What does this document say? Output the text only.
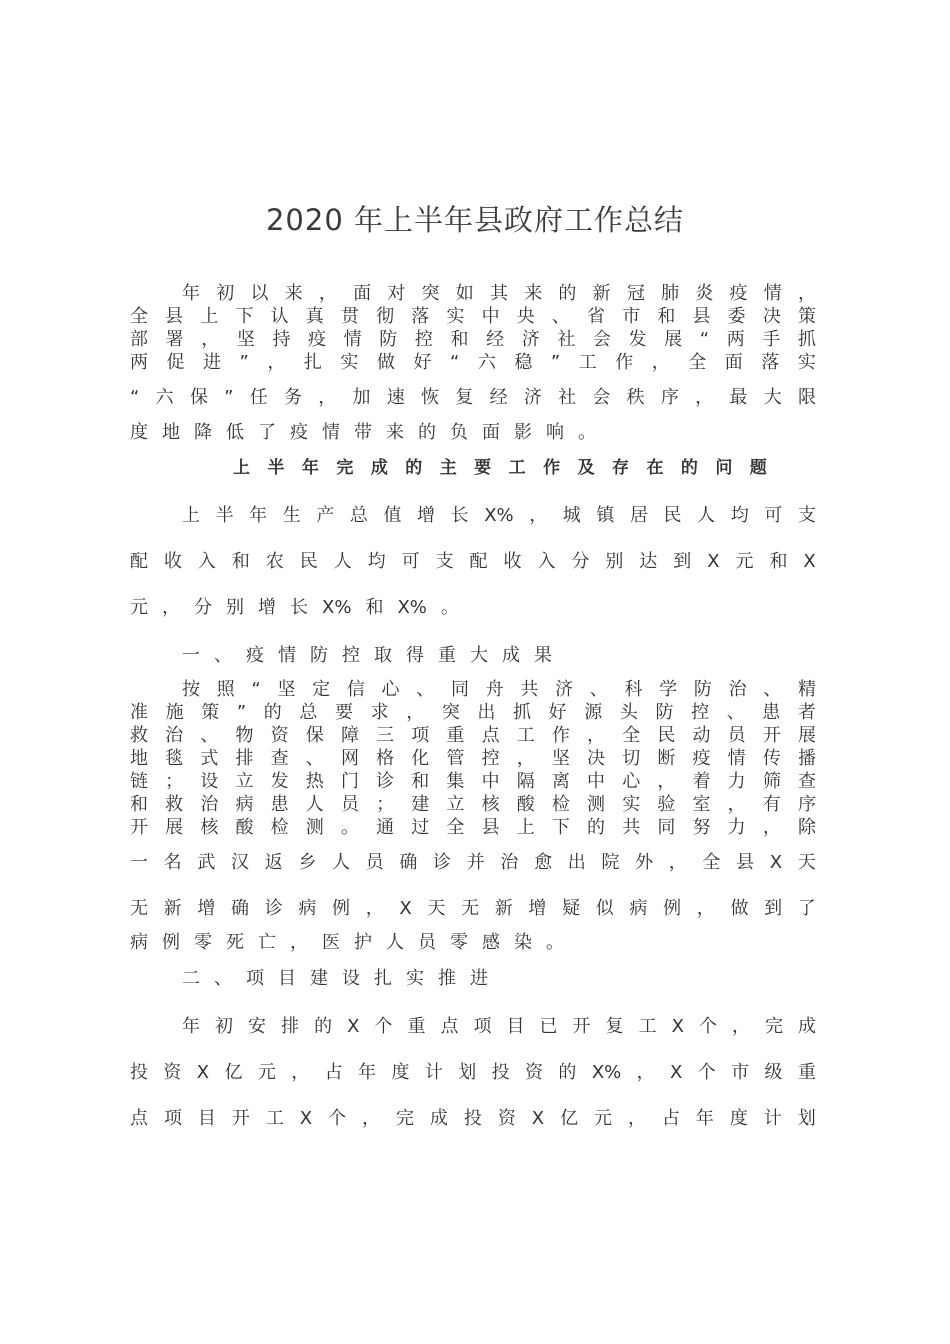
2020 年上半年县政府工作总结
年 初 以 来 ， 面 对 突 如 其 来 的 新 冠 肺 炎 疫 情 ，
全 县 上 下 认 真 贯 彻 落 实 中 央 、 省 市 和 县 委 决 策
部 署 ， 坚 持 疫 情 防 控 和 经 济 社 会 发 展 “ 两 手 抓
两 促 进 ” ， 扎 实 做 好 “ 六 稳 ” 工 作 ， 全 面 落 实
“ 六 保 ” 任 务 ， 加 速 恢 复 经 济 社 会 秩 序 ， 最 大 限
度 地 降 低 了 疫 情 带 来 的 负 面 影 响 。
上 半 年 完 成 的 主 要 工 作 及 存 在 的 问 题
上 半 年 生 产 总 值 增 长 X% ， 城 镇 居 民 人 均 可 支
配 收 入 和 农 民 人 均 可 支 配 收 入 分 别 达 到 X 元 和 X
元 ， 分 别 增 长 X% 和 X% 。
一 、 疫 情 防 控 取 得 重 大 成 果
按 照 “ 坚 定 信 心 、 同 舟 共 济 、 科 学 防 治 、 精
准 施 策 ” 的 总 要 求 ， 突 出 抓 好 源 头 防 控 、 患 者
救 治 、 物 资 保 障 三 项 重 点 工 作 ， 全 民 动 员 开 展
地 毯 式 排 查 、 网 格 化 管 控 ， 坚 决 切 断 疫 情 传 播
链 ； 设 立 发 热 门 诊 和 集 中 隔 离 中 心 ， 着 力 筛 查
和 救 治 病 患 人 员 ； 建 立 核 酸 检 测 实 验 室 ， 有 序
开 展 核 酸 检 测 。 通 过 全 县 上 下 的 共 同 努 力 ， 除
一 名 武 汉 返 乡 人 员 确 诊 并 治 愈 出 院 外 ， 全 县 X 天
无 新 增 确 诊 病 例 ， X 天 无 新 增 疑 似 病 例 ， 做 到 了
病 例 零 死 亡 ， 医 护 人 员 零 感 染 。
二 、 项 目 建 设 扎 实 推 进
年 初 安 排 的 X 个 重 点 项 目 已 开 复 工 X 个 ， 完 成
投 资 X 亿 元 ， 占 年 度 计 划 投 资 的 X% ， X 个 市 级 重
点 项 目 开 工 X 个 ， 完 成 投 资 X 亿 元 ， 占 年 度 计 划
